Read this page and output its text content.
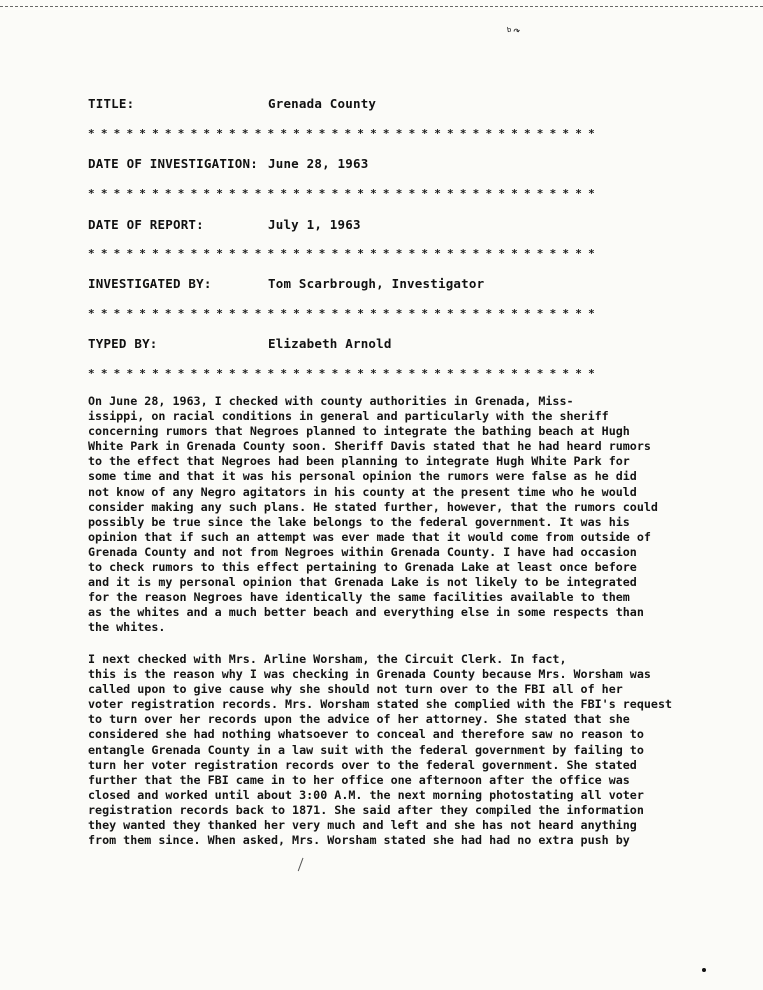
ᵇ↷
TITLE:	Grenada County
****************************************
DATE OF INVESTIGATION: June 28, 1963
****************************************
DATE OF REPORT:	July 1, 1963
****************************************
INVESTIGATED BY:	Tom Scarbrough, Investigator
****************************************
TYPED BY:	Elizabeth Arnold
****************************************
On June 28, 1963, I checked with county authorities in Grenada, Miss-
issippi, on racial conditions in general and particularly with the sheriff
concerning rumors that Negroes planned to integrate the bathing beach at Hugh
White Park in Grenada County soon. Sheriff Davis stated that he had heard rumors
to the effect that Negroes had been planning to integrate Hugh White Park for
some time and that it was his personal opinion the rumors were false as he did
not know of any Negro agitators in his county at the present time who he would
consider making any such plans. He stated further, however, that the rumors could
possibly be true since the lake belongs to the federal government. It was his
opinion that if such an attempt was ever made that it would come from outside of
Grenada County and not from Negroes within Grenada County. I have had occasion
to check rumors to this effect pertaining to Grenada Lake at least once before
and it is my personal opinion that Grenada Lake is not likely to be integrated
for the reason Negroes have identically the same facilities available to them
as the whites and a much better beach and everything else in some respects than
the whites.
I next checked with Mrs. Arline Worsham, the Circuit Clerk. In fact,
this is the reason why I was checking in Grenada County because Mrs. Worsham was
called upon to give cause why she should not turn over to the FBI all of her
voter registration records. Mrs. Worsham stated she complied with the FBI's request
to turn over her records upon the advice of her attorney. She stated that she
considered she had nothing whatsoever to conceal and therefore saw no reason to
entangle Grenada County in a law suit with the federal government by failing to
turn her voter registration records over to the federal government. She stated
further that the FBI came in to her office one afternoon after the office was
closed and worked until about 3:00 A.M. the next morning photostating all voter
registration records back to 1871. She said after they compiled the information
they wanted they thanked her very much and left and she has not heard anything
from them since. When asked, Mrs. Worsham stated she had had no extra push by
